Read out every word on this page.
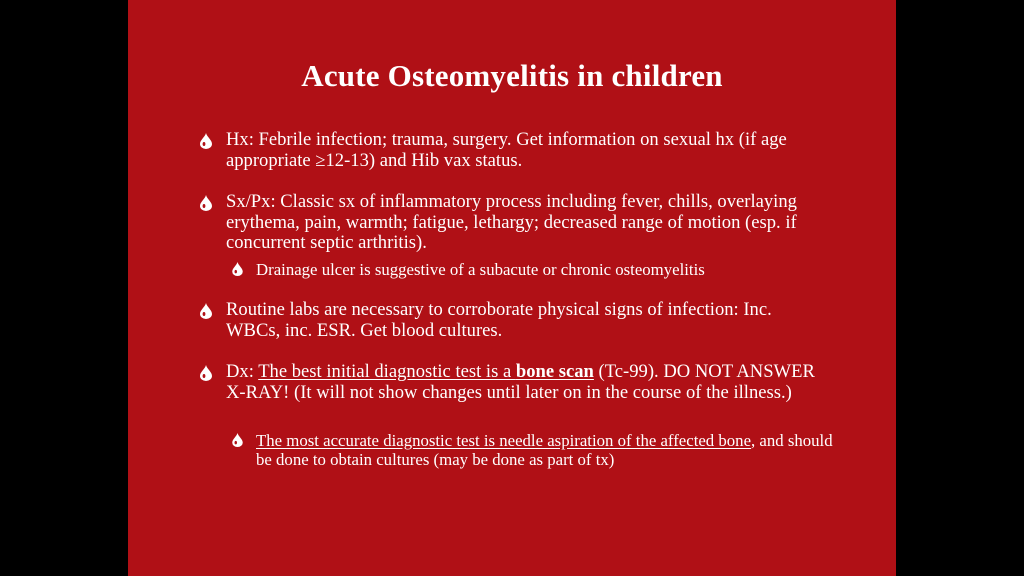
Acute Osteomyelitis in children
Hx: Febrile infection; trauma, surgery. Get information on sexual hx (if age appropriate ≥12-13) and Hib vax status.
Sx/Px: Classic sx of inflammatory process including fever, chills, overlaying erythema, pain, warmth; fatigue, lethargy; decreased range of motion (esp. if concurrent septic arthritis).
Drainage ulcer is suggestive of a subacute or chronic osteomyelitis
Routine labs are necessary to corroborate physical signs of infection: Inc. WBCs, inc. ESR. Get blood cultures.
Dx: The best initial diagnostic test is a bone scan (Tc-99). DO NOT ANSWER X-RAY! (It will not show changes until later on in the course of the illness.)
The most accurate diagnostic test is needle aspiration of the affected bone, and should be done to obtain cultures (may be done as part of tx)
